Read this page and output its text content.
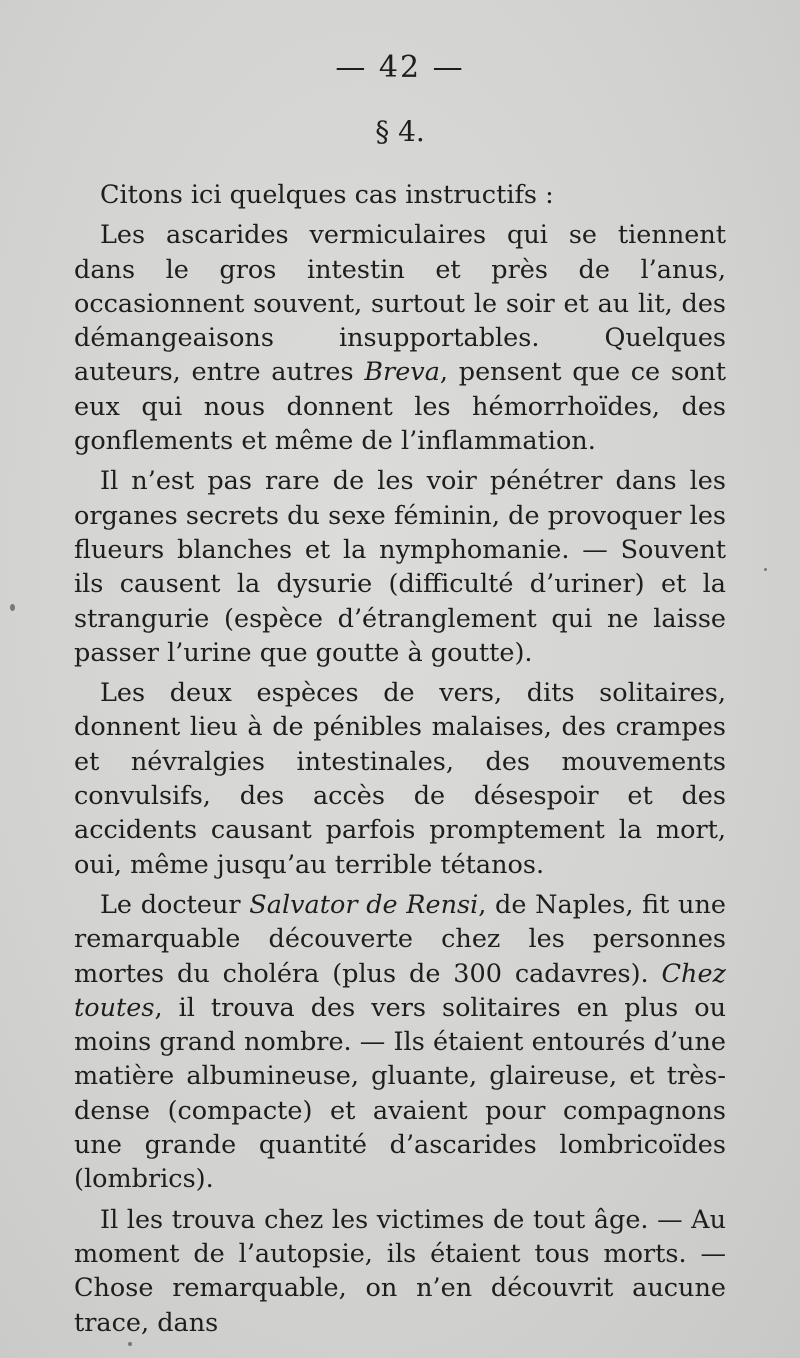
— 42 —
§ 4.

Citons ici quelques cas instructifs :

Les ascarides vermiculaires qui se tiennent dans le gros intestin et près de l’anus, occasionnent souvent, surtout le soir et au lit, des démangeaisons insupportables. Quelques auteurs, entre autres Breva, pensent que ce sont eux qui nous donnent les hémorrhoïdes, des gonflements et même de l’inflammation.

Il n’est pas rare de les voir pénétrer dans les organes secrets du sexe féminin, de provoquer les flueurs blanches et la nymphomanie. — Souvent ils causent la dysurie (difficulté d’uriner) et la strangurie (espèce d’étranglement qui ne laisse passer l’urine que goutte à goutte).

Les deux espèces de vers, dits solitaires, donnent lieu à de pénibles malaises, des crampes et névralgies intestinales, des mouvements convulsifs, des accès de désespoir et des accidents causant parfois promptement la mort, oui, même jusqu’au terrible tétanos.

Le docteur Salvator de Rensi, de Naples, fit une remarquable découverte chez les personnes mortes du choléra (plus de 300 cadavres). Chez toutes, il trouva des vers solitaires en plus ou moins grand nombre. — Ils étaient entourés d’une matière albumineuse, gluante, glaireuse, et très-dense (compacte) et avaient pour compagnons une grande quantité d’ascarides lombricoïdes (lombrics).

Il les trouva chez les victimes de tout âge. — Au moment de l’autopsie, ils étaient tous morts. — Chose remarquable, on n’en découvrit aucune trace, dans
